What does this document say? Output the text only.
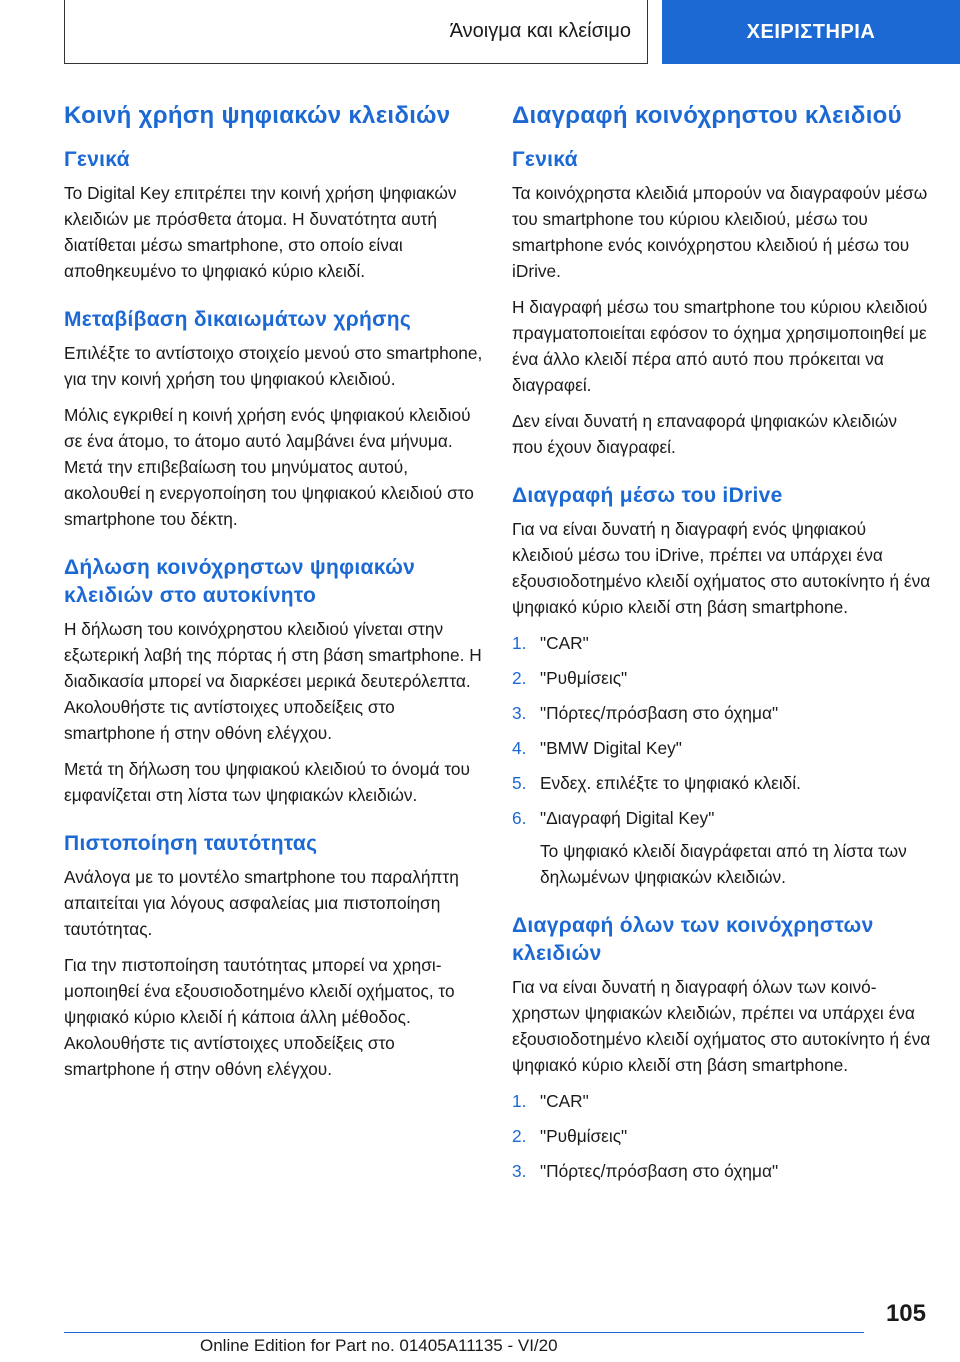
Άνοιγμα και κλείσιμο	ΧΕΙΡΙΣΤΗΡΙΑ
Κοινή χρήση ψηφιακών κλειδιών
Γενικά

Το Digital Key επιτρέπει την κοινή χρήση ψηφιακών κλειδιών με πρόσθετα άτομα. Η δυνατότητα αυτή διατίθεται μέσω smartphone, στο οποίο είναι αποθηκευμένο το ψηφιακό κύριο κλειδί.

Μεταβίβαση δικαιωμάτων χρήσης

Επιλέξτε το αντίστοιχο στοιχείο μενού στο smartphone, για την κοινή χρήση του ψηφιακού κλειδιού.

Μόλις εγκριθεί η κοινή χρήση ενός ψηφιακού κλειδιού σε ένα άτομο, το άτομο αυτό λαμβάνει ένα μήνυμα. Μετά την επιβεβαίωση του μηνύματος αυτού, ακολουθεί η ενεργοποίηση του ψηφιακού κλειδιού στο smartphone του δέκτη.

Δήλωση κοινόχρηστων ψηφιακών κλειδιών στο αυτοκίνητο

Η δήλωση του κοινόχρηστου κλειδιού γίνεται στην εξωτερική λαβή της πόρτας ή στη βάση smartphone. Η διαδικασία μπορεί να διαρκέσει μερικά δευτερόλεπτα. Ακολουθήστε τις αντίστοιχες υποδείξεις στο smartphone ή στην οθόνη ελέγχου.

Μετά τη δήλωση του ψηφιακού κλειδιού το όνομά του εμφανίζεται στη λίστα των ψηφιακών κλειδιών.

Πιστοποίηση ταυτότητας

Ανάλογα με το μοντέλο smartphone του παραλήπτη απαιτείται για λόγους ασφαλείας μια πιστοποίηση ταυτότητας.

Για την πιστοποίηση ταυτότητας μπορεί να χρησιμοποιηθεί ένα εξουσιοδοτημένο κλειδί οχήματος, το ψηφιακό κύριο κλειδί ή κάποια άλλη μέθοδος. Ακολουθήστε τις αντίστοιχες υποδείξεις στο smartphone ή στην οθόνη ελέγχου.

Διαγραφή κοινόχρηστου κλειδιού
Γενικά

Τα κοινόχρηστα κλειδιά μπορούν να διαγραφούν μέσω του smartphone του κύριου κλειδιού, μέσω του smartphone ενός κοινόχρηστου κλειδιού ή μέσω του iDrive.

Η διαγραφή μέσω του smartphone του κύριου κλειδιού πραγματοποιείται εφόσον το όχημα χρησιμοποιηθεί με ένα άλλο κλειδί πέρα από αυτό που πρόκειται να διαγραφεί.

Δεν είναι δυνατή η επαναφορά ψηφιακών κλειδιών που έχουν διαγραφεί.

Διαγραφή μέσω του iDrive

Για να είναι δυνατή η διαγραφή ενός ψηφιακού κλειδιού μέσω του iDrive, πρέπει να υπάρχει ένα εξουσιοδοτημένο κλειδί οχήματος στο αυτοκίνητο ή ένα ψηφιακό κύριο κλειδί στη βάση smartphone.

1. "CAR"
2. "Ρυθμίσεις"
3. "Πόρτες/πρόσβαση στο όχημα"
4. "BMW Digital Key"
5. Ενδεχ. επιλέξτε το ψηφιακό κλειδί.
6. "Διαγραφή Digital Key"

Το ψηφιακό κλειδί διαγράφεται από τη λίστα των δηλωμένων ψηφιακών κλειδιών.

Διαγραφή όλων των κοινόχρηστων κλειδιών

Για να είναι δυνατή η διαγραφή όλων των κοινόχρηστων ψηφιακών κλειδιών, πρέπει να υπάρχει ένα εξουσιοδοτημένο κλειδί οχήματος στο αυτοκίνητο ή ένα ψηφιακό κύριο κλειδί στη βάση smartphone.

1. "CAR"
2. "Ρυθμίσεις"
3. "Πόρτες/πρόσβαση στο όχημα"
105
Online Edition for Part no. 01405A11135 - VI/20
